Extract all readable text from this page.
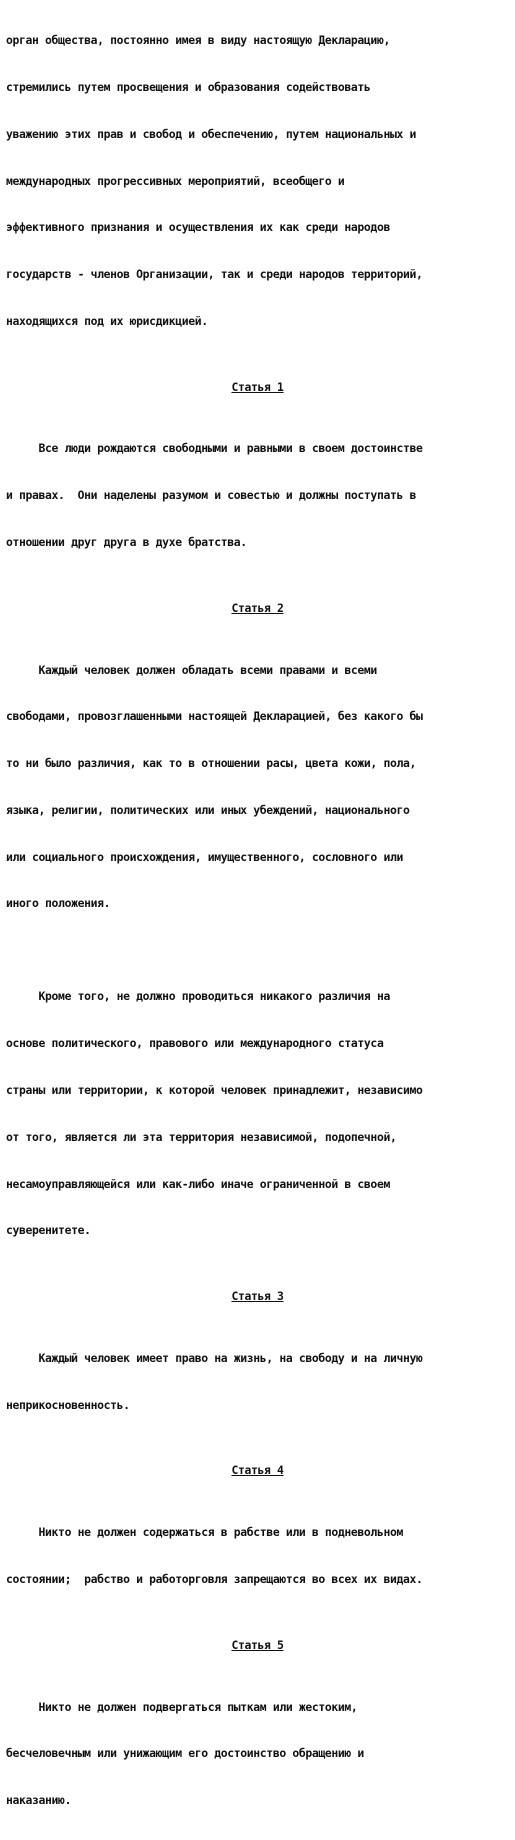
орган общества, постоянно имея в виду настоящую Декларацию,

стремились путем просвещения и образования содействовать

уважению этих прав и свобод и обеспечению, путем национальных и

международных прогрессивных мероприятий, всеобщего и

эффективного признания и осуществления их как среди народов

государств - членов Организации, так и среди народов территорий,

находящихся под их юрисдикцией.

Статья 1

Все люди рождаются свободными и равными в своем достоинстве

и правах.  Они наделены разумом и совестью и должны поступать в

отношении друг друга в духе братства.

Статья 2

Каждый человек должен обладать всеми правами и всеми

свободами, провозглашенными настоящей Декларацией, без какого бы

то ни было различия, как то в отношении расы, цвета кожи, пола,

языка, религии, политических или иных убеждений, национального

или социального происхождения, имущественного, сословного или

иного положения.

Кроме того, не должно проводиться никакого различия на

основе политического, правового или международного статуса

страны или территории, к которой человек принадлежит, независимо

от того, является ли эта территория независимой, подопечной,

несамоуправляющейся или как-либо иначе ограниченной в своем

суверенитете.

Статья 3

Каждый человек имеет право на жизнь, на свободу и на личную

неприкосновенность.

Статья 4

Никто не должен содержаться в рабстве или в подневольном

состоянии;  рабство и работорговля запрещаются во всех их видах.

Статья 5

Никто не должен подвергаться пыткам или жестоким,

бесчеловечным или унижающим его достоинство обращению и

наказанию.
